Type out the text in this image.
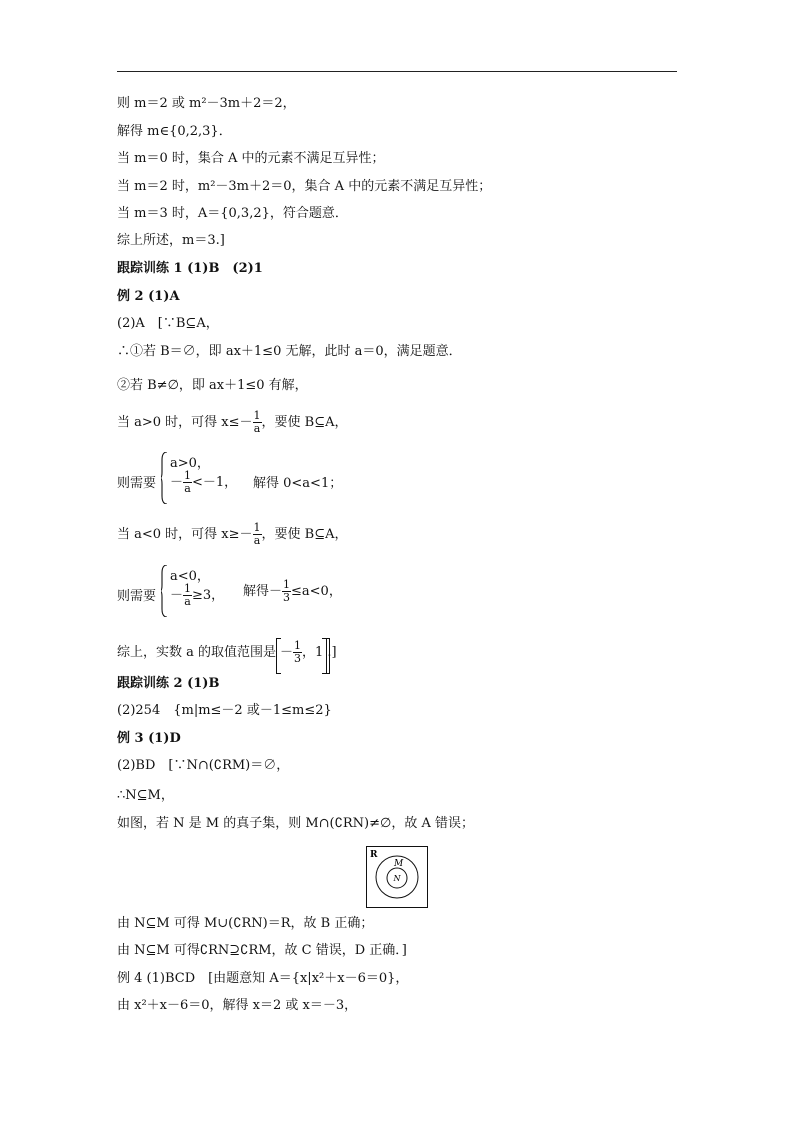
则 m＝2 或 m²－3m＋2＝2，
解得 m∈{0,2,3}．
当 m＝0 时，集合 A 中的元素不满足互异性；
当 m＝2 时，m²－3m＋2＝0，集合 A 中的元素不满足互异性；
当 m＝3 时，A＝{0,3,2}，符合题意．
综上所述，m＝3.]
跟踪训练 1 (1)B　(2)1
例 2 (1)A
(2)A　[∵B⊆A，
∴①若 B＝∅，即 ax＋1≤0 无解，此时 a＝0，满足题意．
②若 B≠∅，即 ax＋1≤0 有解，
当 a>0 时，可得 $x\le- \frac{1}{a}$ ，要使 B⊆A，
则需要
a>0，
－ $\frac{1}{a} <-1$， 解得 0<a<1；
当 a<0 时，可得 $x\ge- \frac{1}{a}$ ，要使 B⊆A，
则需要
a<0，
－ $\frac{1}{a} \ge 3$， 解得－ $\frac{1}{3} \le a<0$，
综上，实数 a 的取值范围是 － $\frac{1}{3}$ ，1 .]
跟踪训练 2 (1)B
(2)254　{m|m≤－2 或－1≤m≤2}
例 3 (1)D
(2)BD　[∵N∩(∁RM)＝∅，
∴N⊆M，
如图，若 N 是 M 的真子集，则 M∩(∁RN)≠∅，故 A 错误；
R
M
N
由 N⊆M 可得 M∪(∁RN)＝R，故 B 正确；
由 N⊆M 可得∁RN⊇∁RM，故 C 错误，D 正确．]
例 4 (1)BCD　[由题意知 A＝{x|x²＋x－6＝0}，
由 x²＋x－6＝0，解得 x＝2 或 x＝－3，
